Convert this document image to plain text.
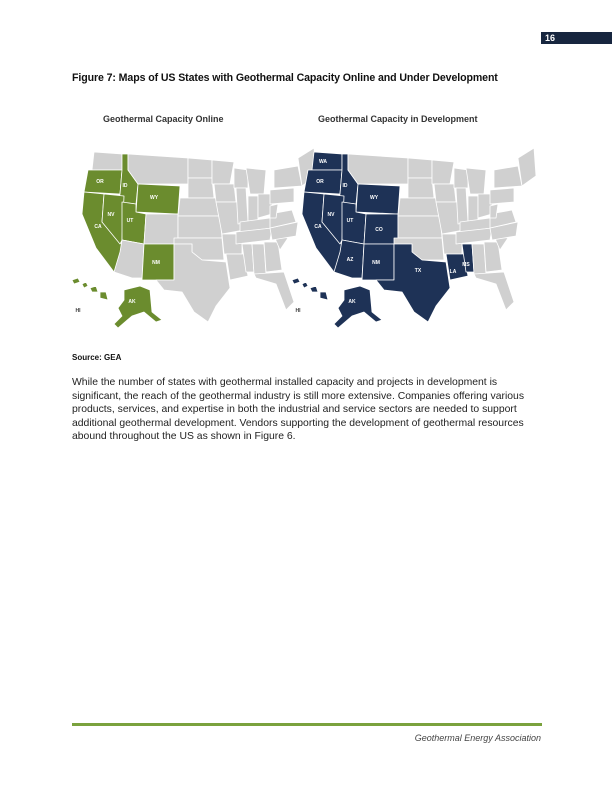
16
Figure 7: Maps of US States with Geothermal Capacity Online and Under Development
Geothermal Capacity Online	Geothermal Capacity in Development
OR
ID
WY
NV
UT
CA
NM
HI
AK
WA
OR
ID
WY
NV
UT
CO
CA
AZ	NM
TX	LA
MS
HI
AK
Source: GEA
While the number of states with geothermal installed capacity and projects in development is significant, the reach of the geothermal industry is still more extensive. Companies offering various products, services, and expertise in both the industrial and service sectors are needed to support additional geothermal development. Vendors supporting the development of geothermal resources abound throughout the US as shown in Figure 6.
Geothermal Energy Association
